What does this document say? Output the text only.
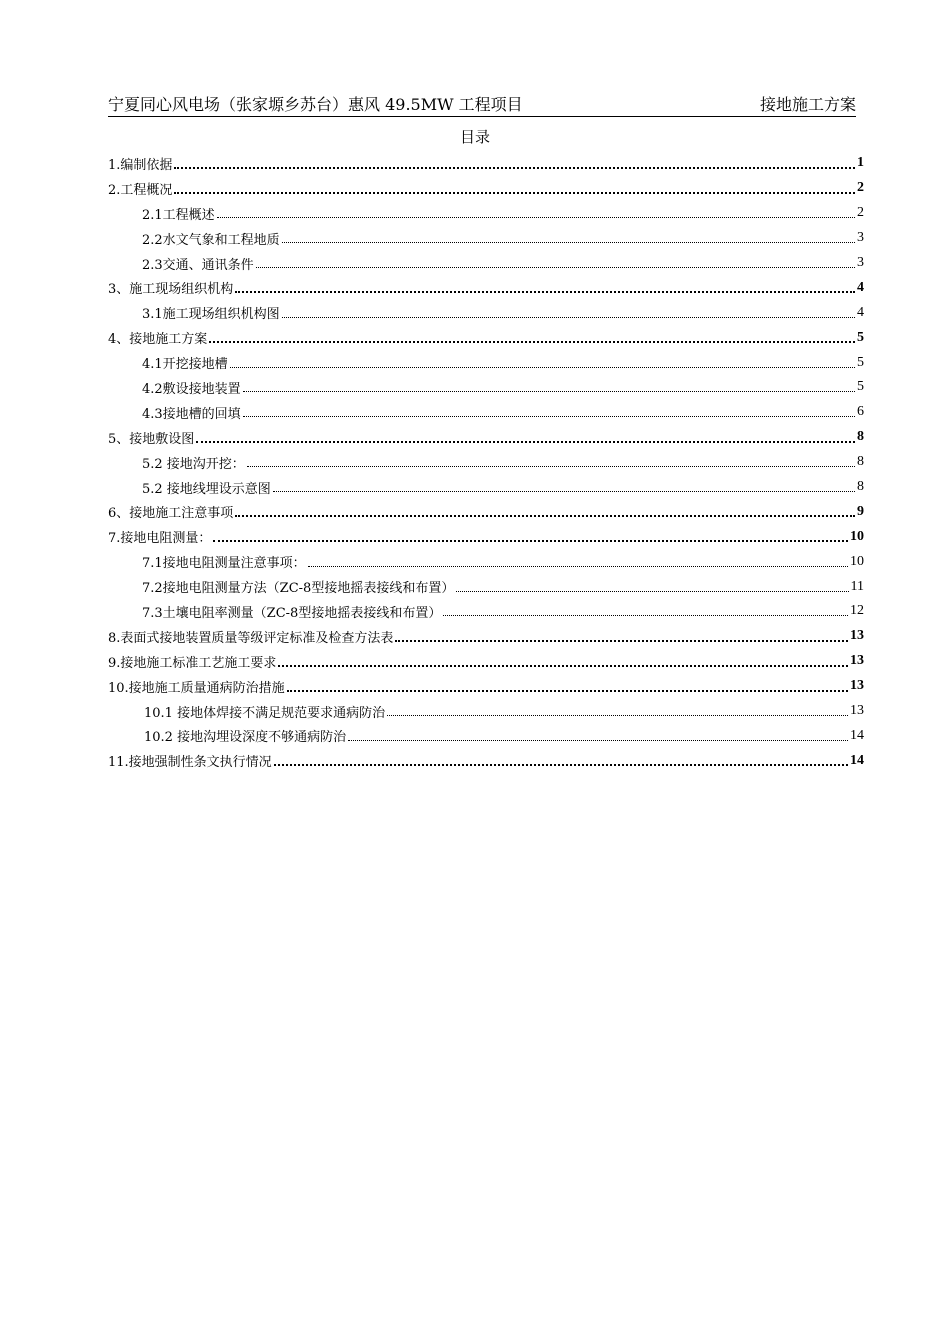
宁夏同心风电场（张家塬乡苏台）惠风 49.5MW 工程项目	接地施工方案
目录
1.编制依据	1
2.工程概况	2
2.1工程概述	2
2.2水文气象和工程地质	3
2.3交通、通讯条件	3
3、施工现场组织机构	4
3.1施工现场组织机构图	4
4、接地施工方案	5
4.1开挖接地槽	5
4.2敷设接地装置	5
4.3接地槽的回填	6
5、接地敷设图	8
5.2 接地沟开挖：	8
5.2 接地线埋设示意图	8
6、接地施工注意事项	9
7.接地电阻测量：	10
7.1接地电阻测量注意事项：	10
7.2接地电阻测量方法（ZC-8型接地摇表接线和布置）	11
7.3土壤电阻率测量（ZC-8型接地摇表接线和布置）	12
8.表面式接地装置质量等级评定标准及检查方法表	13
9.接地施工标准工艺施工要求	13
10.接地施工质量通病防治措施	13
10.1 接地体焊接不满足规范要求通病防治	13
10.2 接地沟埋设深度不够通病防治	14
11.接地强制性条文执行情况	14
